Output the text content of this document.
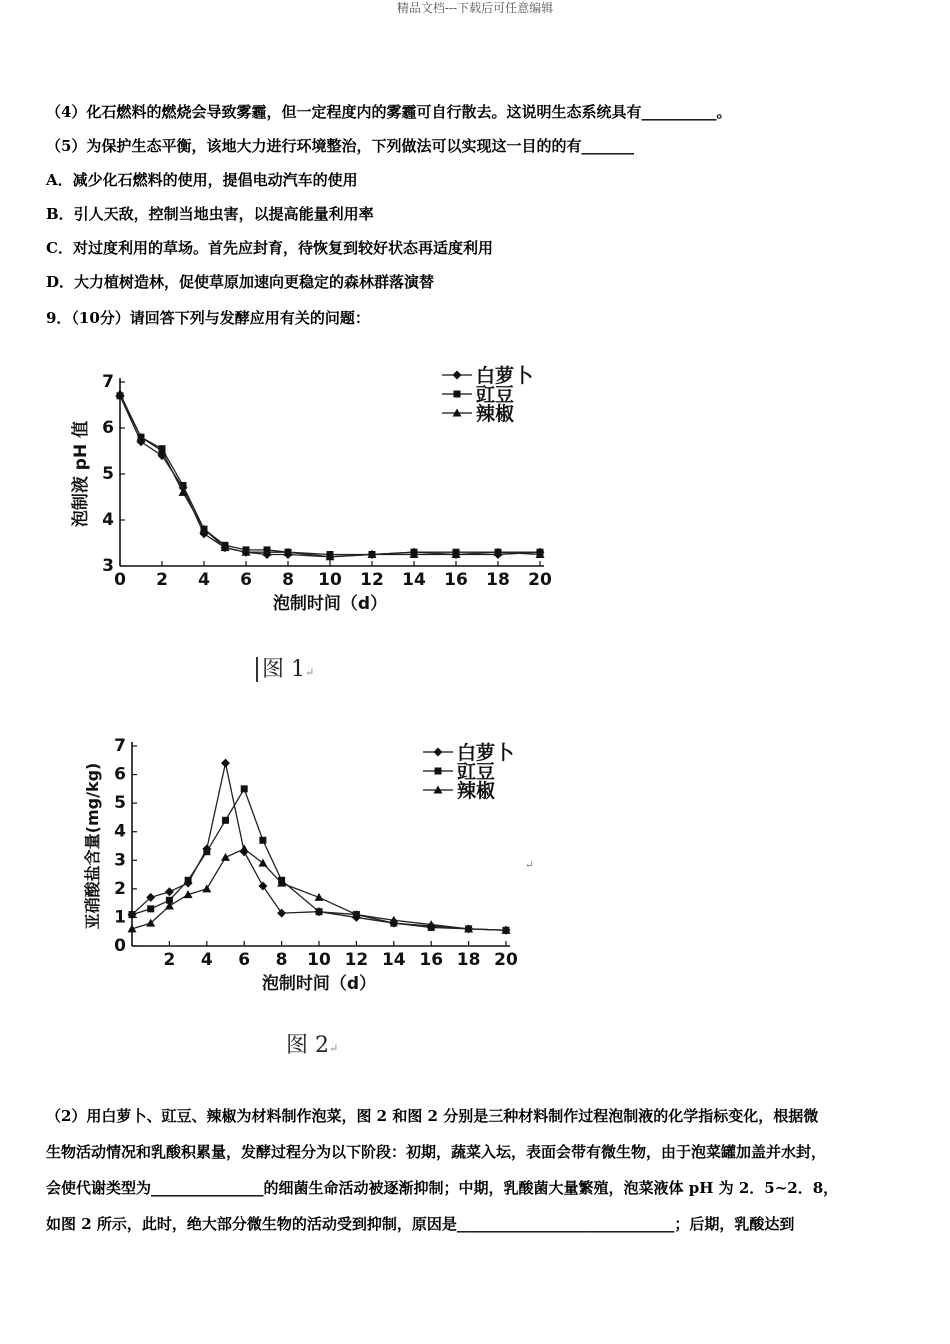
精品文档---下载后可任意编辑
（4）化石燃料的燃烧会导致雾霾，但一定程度内的雾霾可自行散去。这说明生态系统具有__________。
（5）为保护生态平衡，该地大力进行环境整治，下列做法可以实现这一目的的有_______
A．减少化石燃料的使用，提倡电动汽车的使用
B．引人天敌，控制当地虫害，以提高能量利用率
C．对过度利用的草场。首先应封育，待恢复到较好状态再适度利用
D．大力植树造林，促使草原加速向更稳定的森林群落演替
9．（10分）请回答下列与发酵应用有关的问题：
3
4
5
6
7
0 2 4 6 8 10 12 14 16 18 20
泡制时间（d）
泡制液 pH 值
白萝卜
豇豆
辣椒
图 1↵
0
1
2
3
4
5
6
7
2 4 6 8 10 12 14 16 18 20
泡制时间（d）
亚硝酸盐含量(mg/kg)
白萝卜
豇豆
辣椒
↵
图 2↵
（2）用白萝卜、豇豆、辣椒为材料制作泡菜，图 2 和图 2 分别是三种材料制作过程泡制液的化学指标变化，根据微
生物活动情况和乳酸积累量，发酵过程分为以下阶段：初期，蔬菜入坛，表面会带有微生物，由于泡菜罐加盖并水封，
会使代谢类型为_______________的细菌生命活动被逐渐抑制；中期，乳酸菌大量繁殖，泡菜液体 pH 为 2．5~2．8，
如图 2 所示，此时，绝大部分微生物的活动受到抑制，原因是_____________________________；后期，乳酸达到
